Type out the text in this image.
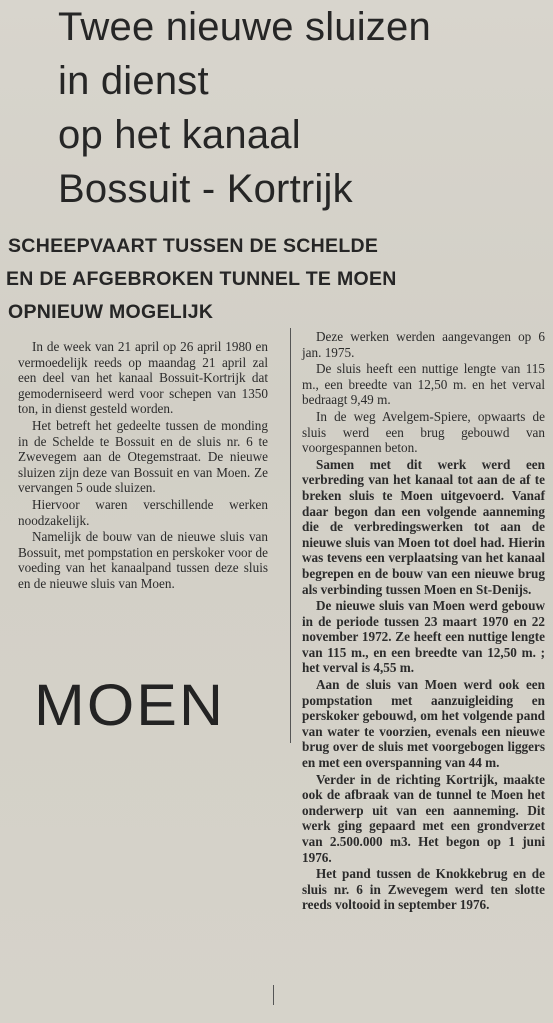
Twee nieuwe sluizen
in dienst
op het kanaal
Bossuit - Kortrijk
SCHEEPVAART TUSSEN DE SCHELDE
EN DE AFGEBROKEN TUNNEL TE MOEN
OPNIEUW MOGELIJK

In de week van 21 april op 26 april 1980 en vermoedelijk reeds op maandag 21 april zal een deel van het kanaal Bossuit-Kortrijk dat gemoderniseerd werd voor schepen van 1350 ton, in dienst gesteld worden.

Het betreft het gedeelte tussen de monding in de Schelde te Bossuit en de sluis nr. 6 te Zwevegem aan de Otegemstraat. De nieuwe sluizen zijn deze van Bossuit en van Moen. Ze vervangen 5 oude sluizen.

Hiervoor waren verschillende werken noodzakelijk.

Namelijk de bouw van de nieuwe sluis van Bossuit, met pompstation en perskoker voor de voeding van het kanaalpand tussen deze sluis en de nieuwe sluis van Moen.

MOEN

Deze werken werden aangevangen op 6 jan. 1975.

De sluis heeft een nuttige lengte van 115 m., een breedte van 12,50 m. en het verval bedraagt 9,49 m.

In de weg Avelgem-Spiere, opwaarts de sluis werd een brug gebouwd van voorgespannen beton.

Samen met dit werk werd een verbreding van het kanaal tot aan de af te breken sluis te Moen uitgevoerd. Vanaf daar begon dan een volgende aanneming die de verbredingswerken tot aan de nieuwe sluis van Moen tot doel had. Hierin was tevens een verplaatsing van het kanaal begrepen en de bouw van een nieuwe brug als verbinding tussen Moen en St-Denijs.

De nieuwe sluis van Moen werd gebouw in de periode tussen 23 maart 1970 en 22 november 1972. Ze heeft een nuttige lengte van 115 m., en een breedte van 12,50 m. ; het verval is 4,55 m.

Aan de sluis van Moen werd ook een pompstation met aanzuigleiding en perskoker gebouwd, om het volgende pand van water te voorzien, evenals een nieuwe brug over de sluis met voorgebogen liggers en met een overspanning van 44 m.

Verder in de richting Kortrijk, maakte ook de afbraak van de tunnel te Moen het onderwerp uit van een aanneming. Dit werk ging gepaard met een grondverzet van 2.500.000 m3. Het begon op 1 juni 1976.

Het pand tussen de Knokkebrug en de sluis nr. 6 in Zwevegem werd ten slotte reeds voltooid in september 1976.
